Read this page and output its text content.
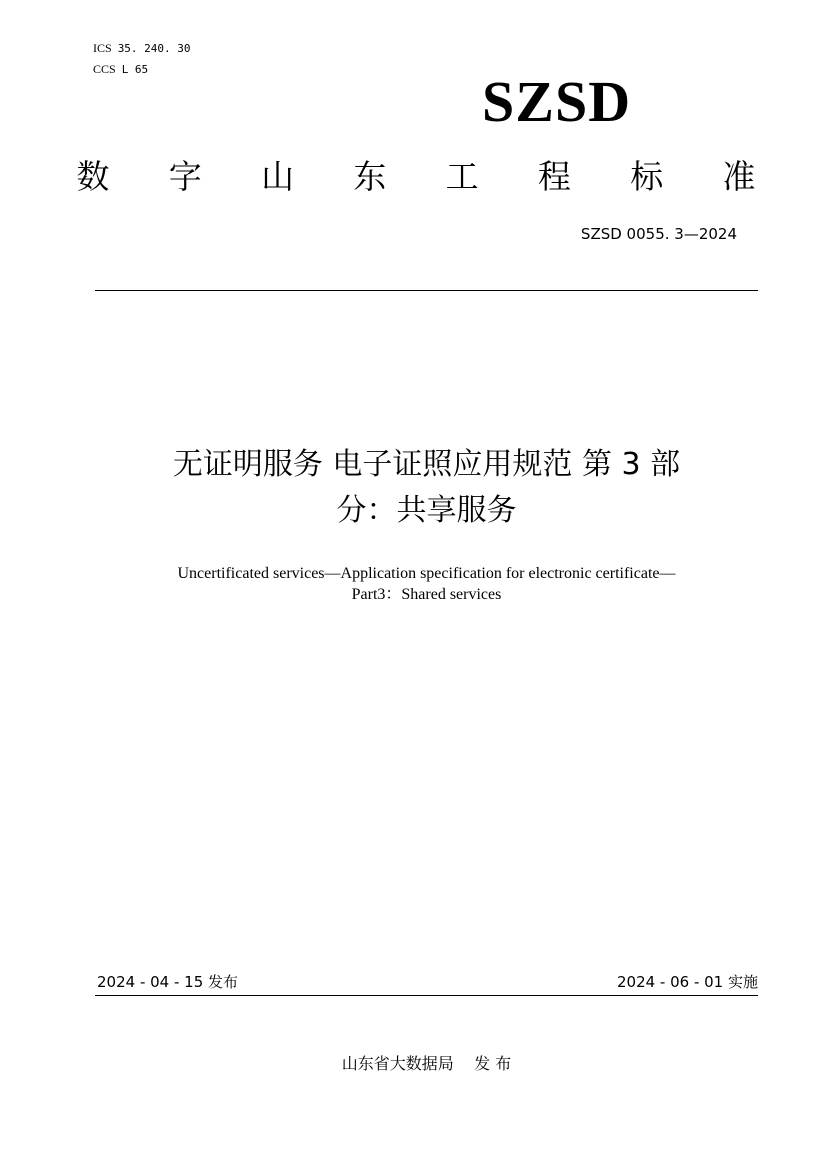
ICS 35. 240. 30
CCS L 65	SZSD
数 字 山 东 工 程 标 准
SZSD 0055. 3—2024
无证明服务 电子证照应用规范 第 3 部
分：共享服务
Uncertificated services—Application specification for electronic certificate—
Part3：Shared services
2024 - 04 - 15 发布	2024 - 06 - 01 实施
山东省大数据局    发 布
